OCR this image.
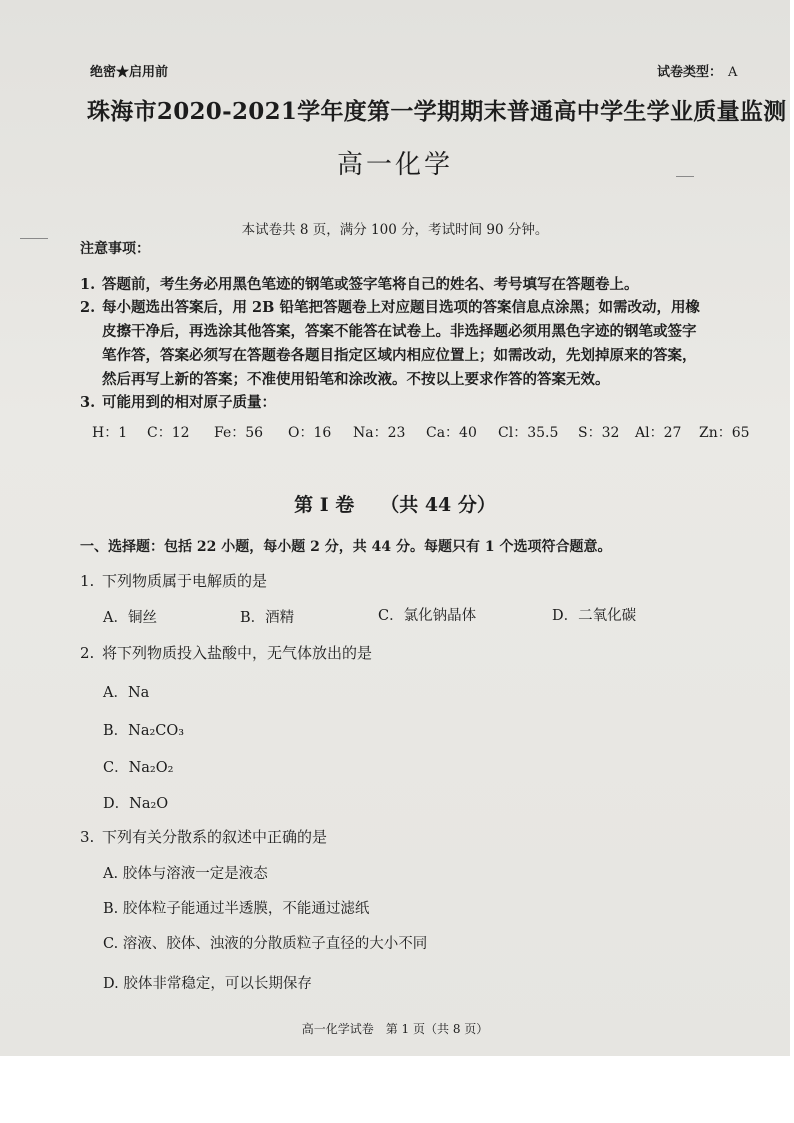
绝密★启用前	试卷类型： A
珠海市2020-2021学年度第一学期期末普通高中学生学业质量监测
高一化学
本试卷共 8 页，满分 100 分，考试时间 90 分钟。
注意事项：
1. 答题前，考生务必用黑色笔迹的钢笔或签字笔将自己的姓名、考号填写在答题卷上。
2. 每小题选出答案后，用 2B 铅笔把答题卷上对应题目选项的答案信息点涂黑；如需改动，用橡
皮擦干净后，再选涂其他答案，答案不能答在试卷上。非选择题必须用黑色字迹的钢笔或签字
笔作答，答案必须写在答题卷各题目指定区域内相应位置上；如需改动，先划掉原来的答案，
然后再写上新的答案；不准使用铅笔和涂改液。不按以上要求作答的答案无效。
3. 可能用到的相对原子质量：
H：1 C：12 Fe：56 O：16 Na：23 Ca：40 Cl：35.5 S：32 Al：27 Zn：65
第 I 卷 （共 44 分）
一、选择题：包括 22 小题，每小题 2 分，共 44 分。每题只有 1 个选项符合题意。
1. 下列物质属于电解质的是
A．铜丝	B．酒精	C．氯化钠晶体	D．二氧化碳
2. 将下列物质投入盐酸中，无气体放出的是
A．Na
B．Na₂CO₃
C．Na₂O₂
D．Na₂O
3. 下列有关分散系的叙述中正确的是
A. 胶体与溶液一定是液态
B. 胶体粒子能通过半透膜，不能通过滤纸
C. 溶液、胶体、浊液的分散质粒子直径的大小不同
D. 胶体非常稳定，可以长期保存
高一化学试卷　第 1 页（共 8 页）
